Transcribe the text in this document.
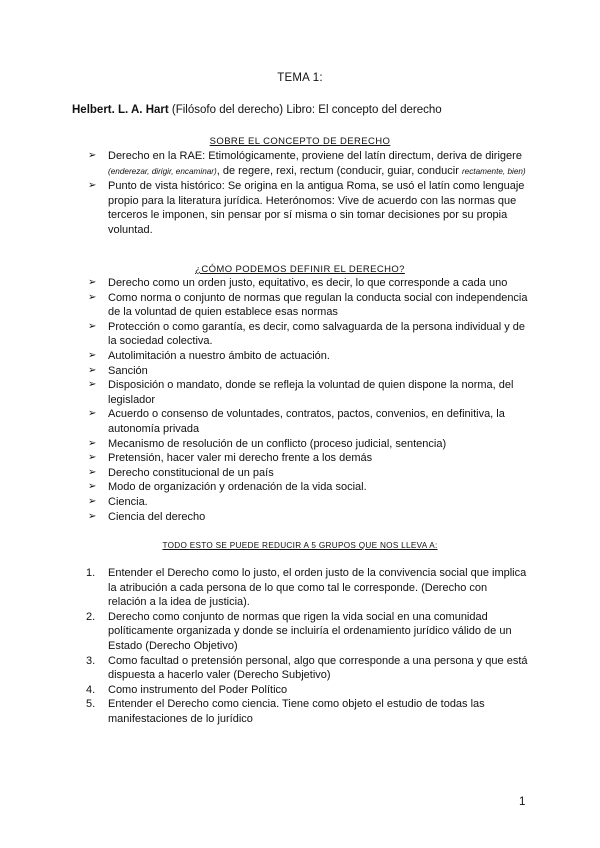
TEMA 1:
Helbert. L. A. Hart (Filósofo del derecho) Libro: El concepto del derecho
SOBRE EL CONCEPTO DE DERECHO
➢ Derecho en la RAE: Etimológicamente, proviene del latín directum, deriva de dirigere (enderezar, dirigir, encaminar), de regere, rexi, rectum (conducir, guiar, conducir rectamente, bien)
➢ Punto de vista histórico: Se origina en la antigua Roma, se usó el latín como lenguaje propio para la literatura jurídica. Heterónomos: Vive de acuerdo con las normas que terceros le imponen, sin pensar por sí misma o sin tomar decisiones por su propia voluntad.
¿CÓMO PODEMOS DEFINIR EL DERECHO?
➢ Derecho como un orden justo, equitativo, es decir, lo que corresponde a cada uno
➢ Como norma o conjunto de normas que regulan la conducta social con independencia de la voluntad de quien establece esas normas
➢ Protección o como garantía, es decir, como salvaguarda de la persona individual y de la sociedad colectiva.
➢ Autolimitación a nuestro ámbito de actuación.
➢ Sanción
➢ Disposición o mandato, donde se refleja la voluntad de quien dispone la norma, del legislador
➢ Acuerdo o consenso de voluntades, contratos, pactos, convenios, en definitiva, la autonomía privada
➢ Mecanismo de resolución de un conflicto (proceso judicial, sentencia)
➢ Pretensión, hacer valer mi derecho frente a los demás
➢ Derecho constitucional de un país
➢ Modo de organización y ordenación de la vida social.
➢ Ciencia.
➢ Ciencia del derecho
TODO ESTO SE PUEDE REDUCIR A 5 GRUPOS QUE NOS LLEVA A:
1. Entender el Derecho como lo justo, el orden justo de la convivencia social que implica la atribución a cada persona de lo que como tal le corresponde. (Derecho con relación a la idea de justicia).
2. Derecho como conjunto de normas que rigen la vida social en una comunidad políticamente organizada y donde se incluiría el ordenamiento jurídico válido de un Estado (Derecho Objetivo)
3. Como facultad o pretensión personal, algo que corresponde a una persona y que está dispuesta a hacerlo valer (Derecho Subjetivo)
4. Como instrumento del Poder Político
5. Entender el Derecho como ciencia. Tiene como objeto el estudio de todas las manifestaciones de lo jurídico
1
